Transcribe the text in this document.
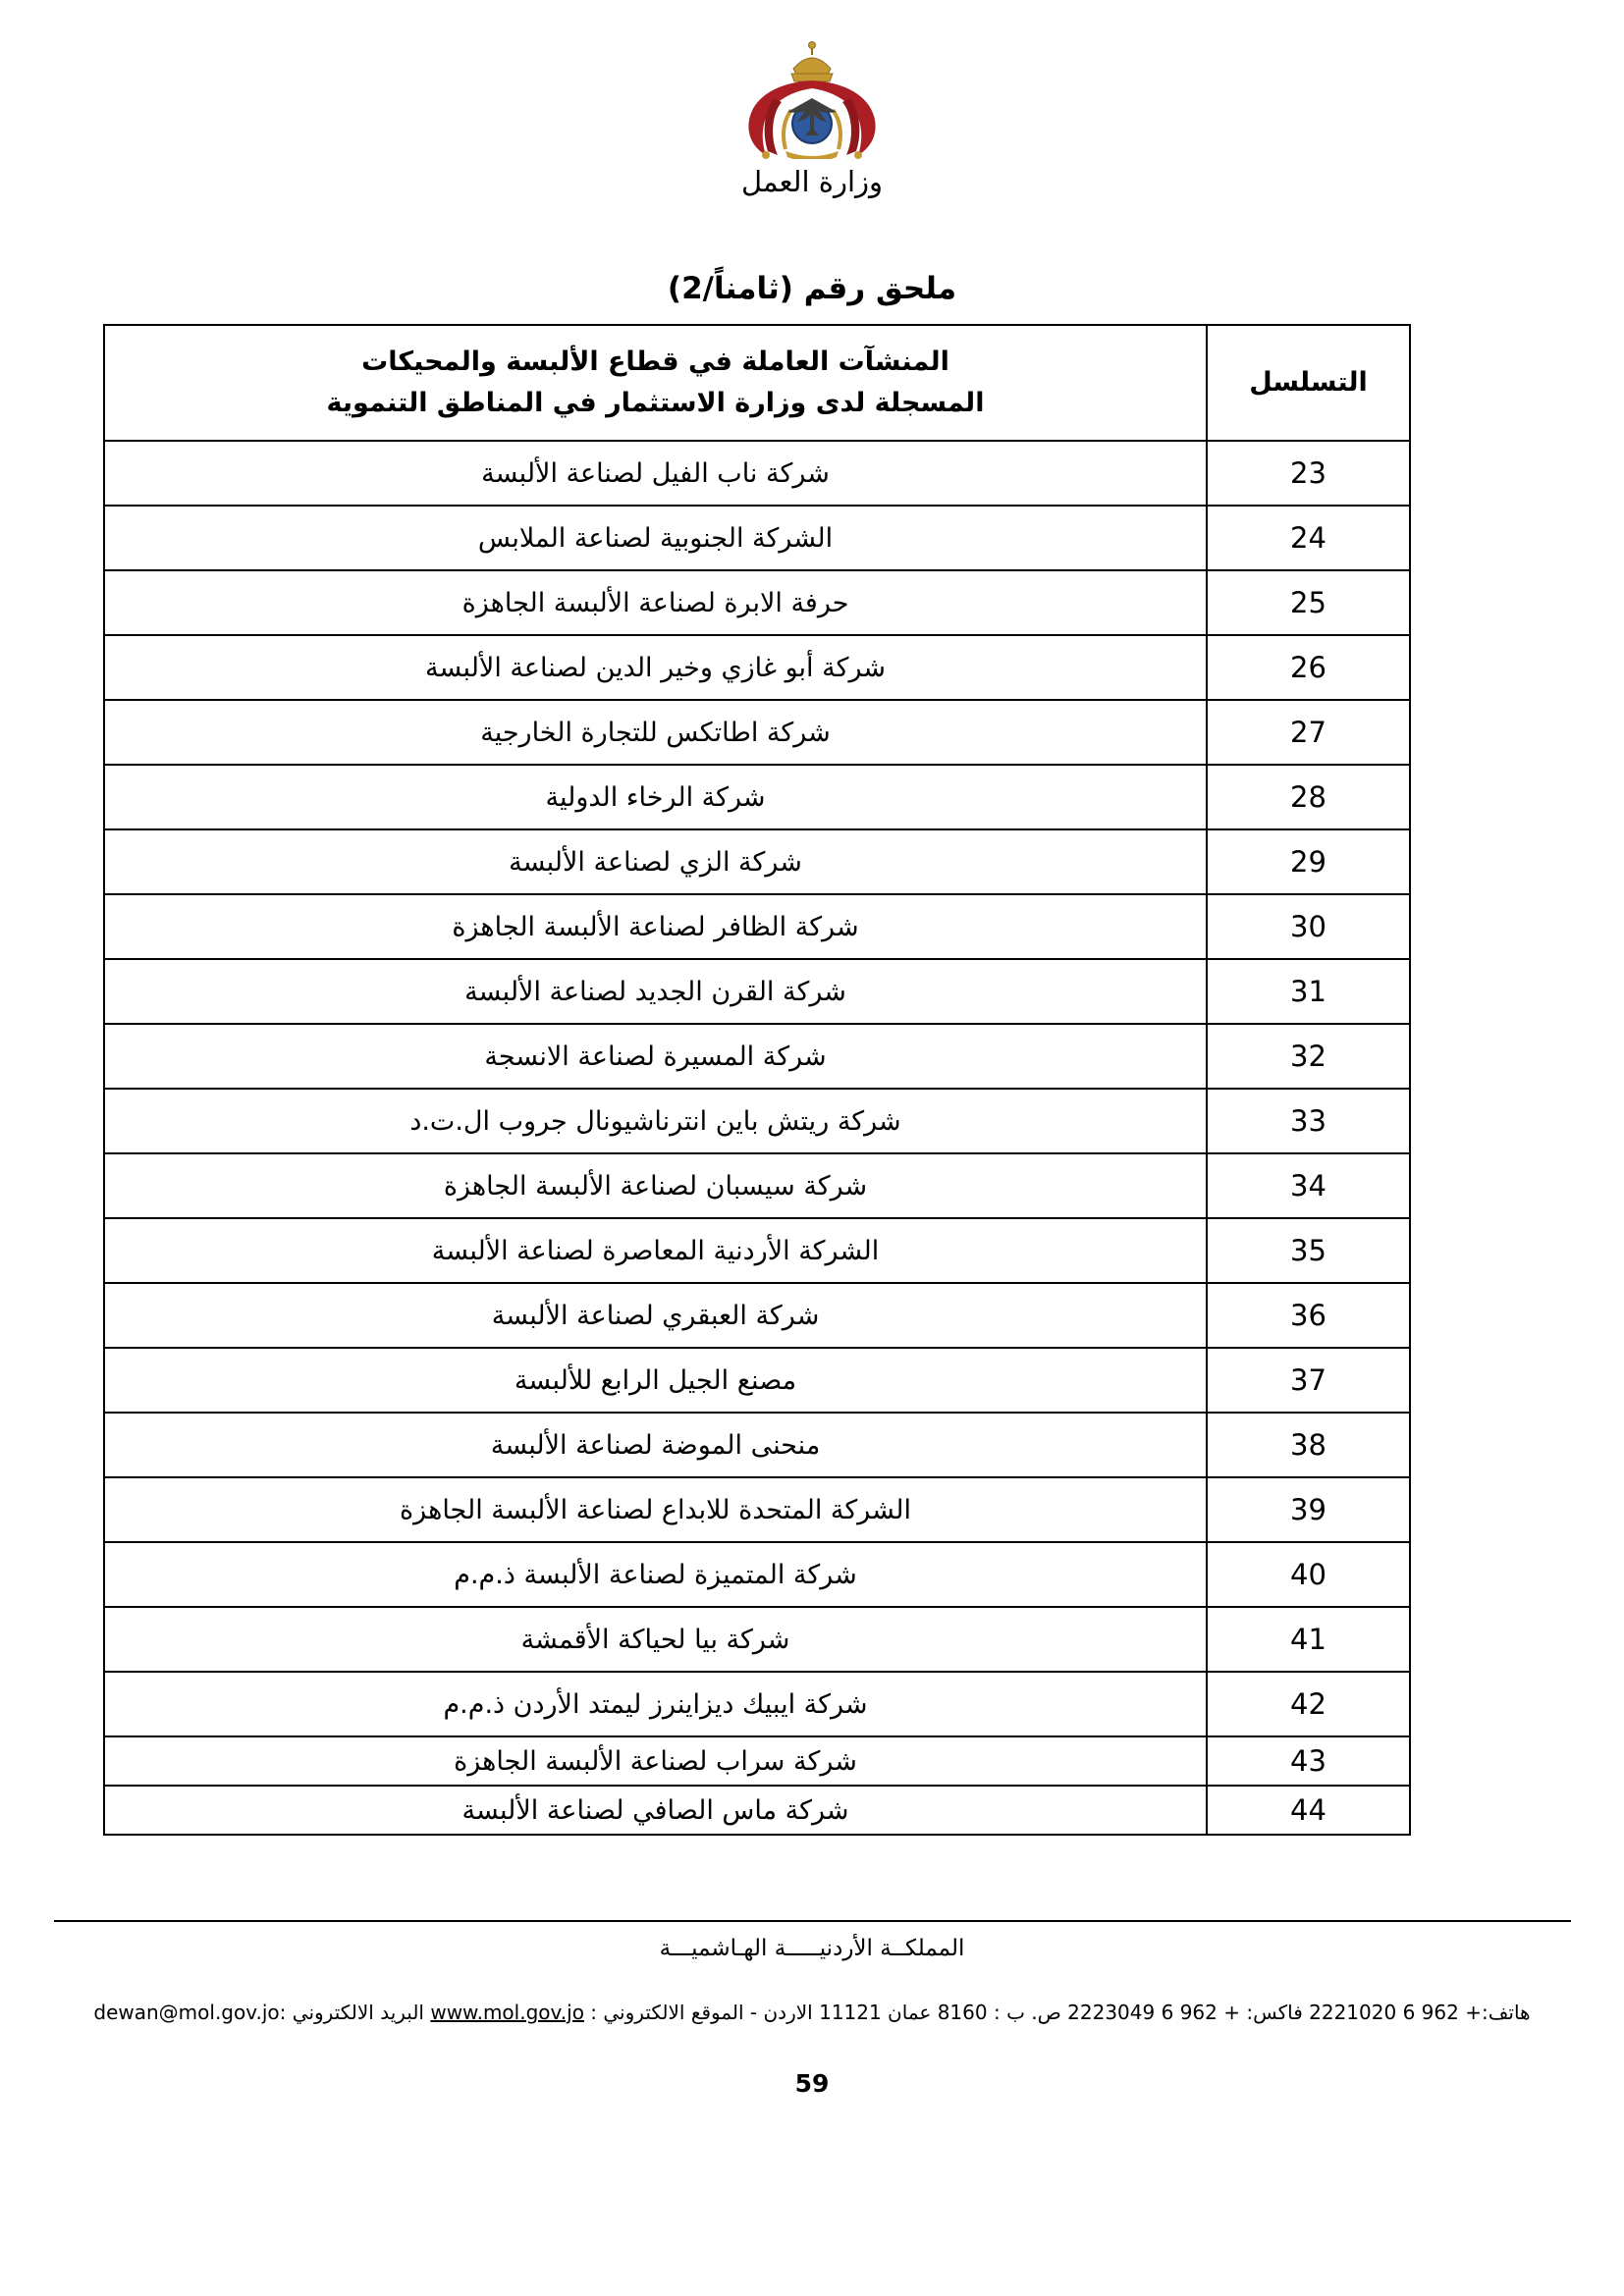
وزارة العمل
ملحق رقم (ثامناً/2)
التسلسل	المنشآت العاملة في قطاع الألبسة والمحيكات
المسجلة لدى وزارة الاستثمار في المناطق التنموية

23	شركة ناب الفيل لصناعة الألبسة
24	الشركة الجنوبية لصناعة الملابس
25	حرفة الابرة لصناعة الألبسة الجاهزة
26	شركة أبو غازي وخير الدين لصناعة الألبسة
27	شركة اطاتكس للتجارة الخارجية
28	شركة الرخاء الدولية
29	شركة الزي لصناعة الألبسة
30	شركة الظافر لصناعة الألبسة الجاهزة
31	شركة القرن الجديد لصناعة الألبسة
32	شركة المسيرة لصناعة الانسجة
33	شركة ريتش باين انترناشيونال جروب ال.ت.د
34	شركة سيسبان لصناعة الألبسة الجاهزة
35	الشركة الأردنية المعاصرة لصناعة الألبسة
36	شركة العبقري لصناعة الألبسة
37	مصنع الجيل الرابع للألبسة
38	منحنى الموضة لصناعة الألبسة
39	الشركة المتحدة للابداع لصناعة الألبسة الجاهزة
40	شركة المتميزة لصناعة الألبسة ذ.م.م
41	شركة بيا لحياكة الأقمشة
42	شركة ايبيك ديزاينرز ليمتد الأردن ذ.م.م
43	شركة سراب لصناعة الألبسة الجاهزة
44	شركة ماس الصافي لصناعة الألبسة
المملكــة الأردنيـــــة الهـاشميـــة
هاتف:+ 962 6 2221020 فاكس: + 962 6 2223049 ص. ب : 8160 عمان 11121 الاردن - الموقع الالكتروني : www.mol.gov.jo البريد الالكتروني :dewan@mol.gov.jo
59
